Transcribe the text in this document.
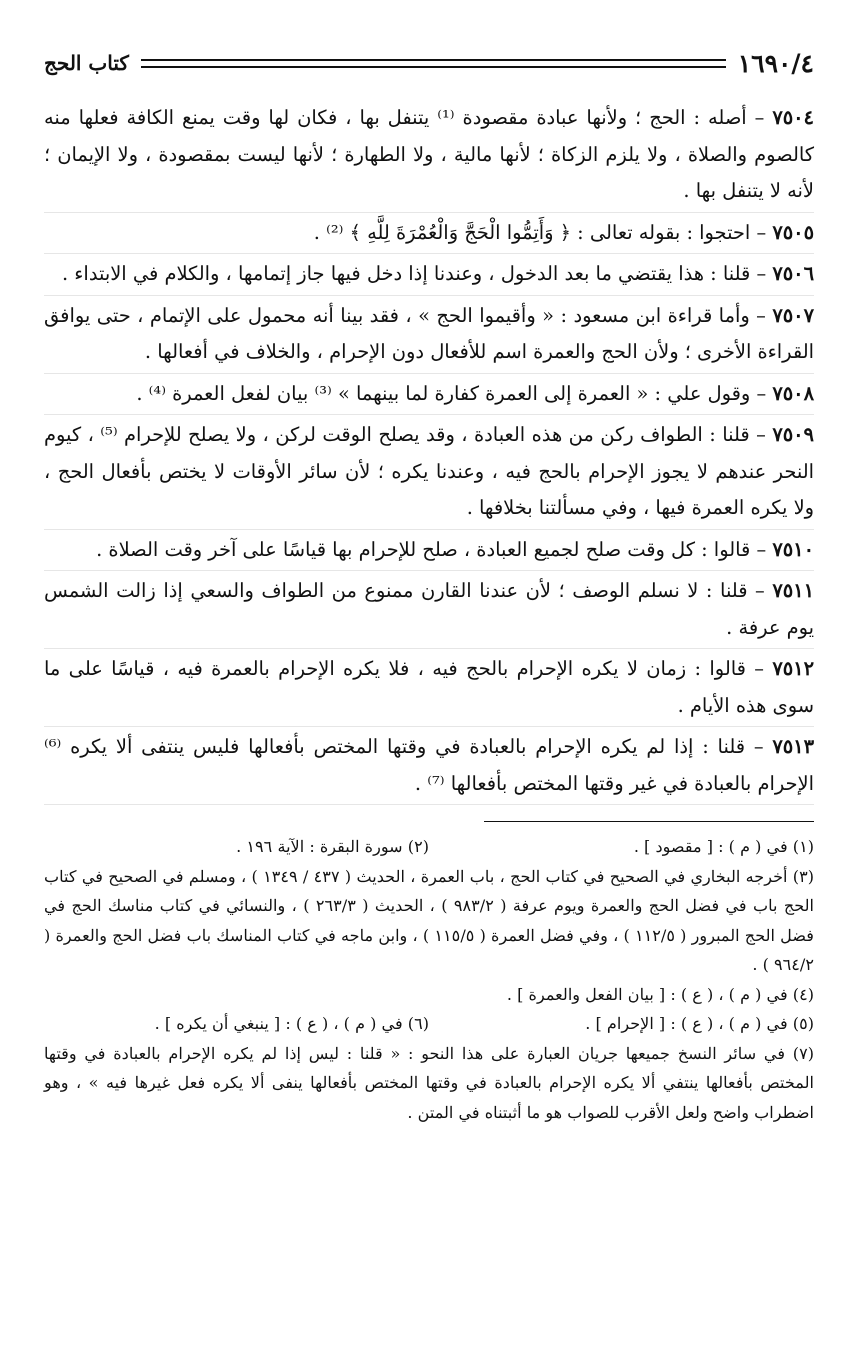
١٦٩٠/٤
كتاب الحج

٧٥٠٤ – أصله : الحج ؛ ولأنها عبادة مقصودة ⁽¹⁾ يتنفل بها ، فكان لها وقت يمنع الكافة فعلها منه كالصوم والصلاة ، ولا يلزم الزكاة ؛ لأنها مالية ، ولا الطهارة ؛ لأنها ليست بمقصودة ، ولا الإيمان ؛ لأنه لا يتنفل بها .

٧٥٠٥ – احتجوا : بقوله تعالى : ﴿ وَأَتِمُّوا الْحَجَّ وَالْعُمْرَةَ لِلَّهِ ﴾ ⁽²⁾ .

٧٥٠٦ – قلنا : هذا يقتضي ما بعد الدخول ، وعندنا إذا دخل فيها جاز إتمامها ، والكلام في الابتداء .

٧٥٠٧ – وأما قراءة ابن مسعود : « وأقيموا الحج » ، فقد بينا أنه محمول على الإتمام ، حتى يوافق القراءة الأخرى ؛ ولأن الحج والعمرة اسم للأفعال دون الإحرام ، والخلاف في أفعالها .

٧٥٠٨ – وقول علي : « العمرة إلى العمرة كفارة لما بينهما » ⁽³⁾ بيان لفعل العمرة ⁽⁴⁾ .

٧٥٠٩ – قلنا : الطواف ركن من هذه العبادة ، وقد يصلح الوقت لركن ، ولا يصلح للإحرام ⁽⁵⁾ ، كيوم النحر عندهم لا يجوز الإحرام بالحج فيه ، وعندنا يكره ؛ لأن سائر الأوقات لا يختص بأفعال الحج ، ولا يكره العمرة فيها ، وفي مسألتنا بخلافها .

٧٥١٠ – قالوا : كل وقت صلح لجميع العبادة ، صلح للإحرام بها قياسًا على آخر وقت الصلاة .

٧٥١١ – قلنا : لا نسلم الوصف ؛ لأن عندنا القارن ممنوع من الطواف والسعي إذا زالت الشمس يوم عرفة .

٧٥١٢ – قالوا : زمان لا يكره الإحرام بالحج فيه ، فلا يكره الإحرام بالعمرة فيه ، قياسًا على ما سوى هذه الأيام .

٧٥١٣ – قلنا : إذا لم يكره الإحرام بالعبادة في وقتها المختص بأفعالها فليس ينتفى ألا يكره ⁽⁶⁾ الإحرام بالعبادة في غير وقتها المختص بأفعالها ⁽⁷⁾ .

(١) في ( م ) : [ مقصود ] .
(٢) سورة البقرة : الآية ١٩٦ .
(٣) أخرجه البخاري في الصحيح في كتاب الحج ، باب العمرة ، الحديث ( ٤٣٧ / ١٣٤٩ ) ، ومسلم في الصحيح في كتاب الحج باب في فضل الحج والعمرة ويوم عرفة ( ٩٨٣/٢ ) ، الحديث ( ٢٦٣/٣ ) ، والنسائي في كتاب مناسك الحج في فضل الحج المبرور ( ١١٢/٥ ) ، وفي فضل العمرة ( ١١٥/٥ ) ، وابن ماجه في كتاب المناسك باب فضل الحج والعمرة ( ٩٦٤/٢ ) .
(٤) في ( م ) ، ( ع ) : [ بيان الفعل والعمرة ] .
(٥) في ( م ) ، ( ع ) : [ الإحرام ] .
(٦) في ( م ) ، ( ع ) : [ ينبغي أن يكره ] .
(٧) في سائر النسخ جميعها جريان العبارة على هذا النحو : « قلنا : ليس إذا لم يكره الإحرام بالعبادة في وقتها المختص بأفعالها ينتفي ألا يكره الإحرام بالعبادة في وقتها المختص بأفعالها ينفى ألا يكره فعل غيرها فيه » ، وهو اضطراب واضح ولعل الأقرب للصواب هو ما أثبتناه في المتن .
